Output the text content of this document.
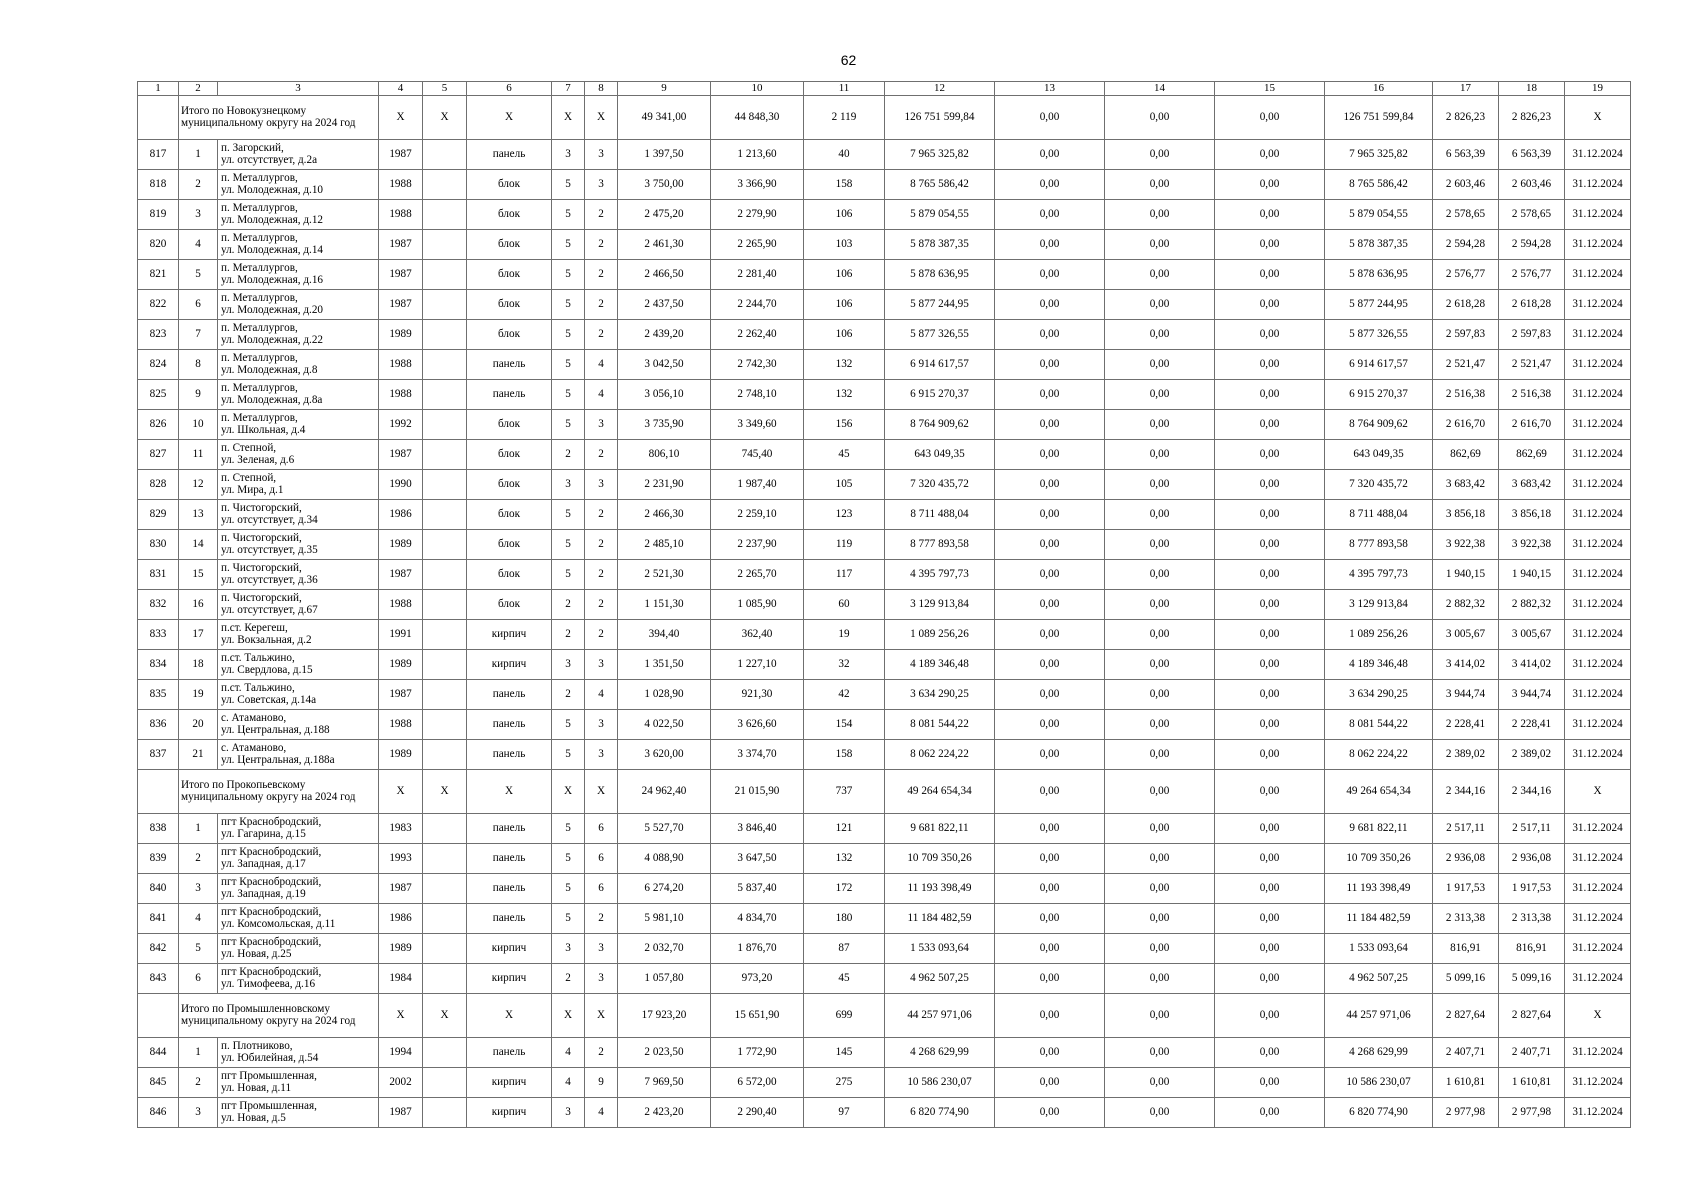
62
1	2	3	4	5	6	7	8	9	10	11	12	13	14	15	16	17	18	19
	Итого по Новокузнецкому муниципальному округу на 2024 год		X	X	X	X	X	49 341,00	44 848,30	2 119	126 751 599,84	0,00	0,00	0,00	126 751 599,84	2 826,23	2 826,23	X
817	1	п. Загорский,
ул. отсутствует, д.2а	1987		панель	3	3	1 397,50	1 213,60	40	7 965 325,82	0,00	0,00	0,00	7 965 325,82	6 563,39	6 563,39	31.12.2024
818	2	п. Металлургов,
ул. Молодежная, д.10	1988		блок	5	3	3 750,00	3 366,90	158	8 765 586,42	0,00	0,00	0,00	8 765 586,42	2 603,46	2 603,46	31.12.2024
819	3	п. Металлургов,
ул. Молодежная, д.12	1988		блок	5	2	2 475,20	2 279,90	106	5 879 054,55	0,00	0,00	0,00	5 879 054,55	2 578,65	2 578,65	31.12.2024
820	4	п. Металлургов,
ул. Молодежная, д.14	1987		блок	5	2	2 461,30	2 265,90	103	5 878 387,35	0,00	0,00	0,00	5 878 387,35	2 594,28	2 594,28	31.12.2024
821	5	п. Металлургов,
ул. Молодежная, д.16	1987		блок	5	2	2 466,50	2 281,40	106	5 878 636,95	0,00	0,00	0,00	5 878 636,95	2 576,77	2 576,77	31.12.2024
822	6	п. Металлургов,
ул. Молодежная, д.20	1987		блок	5	2	2 437,50	2 244,70	106	5 877 244,95	0,00	0,00	0,00	5 877 244,95	2 618,28	2 618,28	31.12.2024
823	7	п. Металлургов,
ул. Молодежная, д.22	1989		блок	5	2	2 439,20	2 262,40	106	5 877 326,55	0,00	0,00	0,00	5 877 326,55	2 597,83	2 597,83	31.12.2024
824	8	п. Металлургов,
ул. Молодежная, д.8	1988		панель	5	4	3 042,50	2 742,30	132	6 914 617,57	0,00	0,00	0,00	6 914 617,57	2 521,47	2 521,47	31.12.2024
825	9	п. Металлургов,
ул. Молодежная, д.8а	1988		панель	5	4	3 056,10	2 748,10	132	6 915 270,37	0,00	0,00	0,00	6 915 270,37	2 516,38	2 516,38	31.12.2024
826	10	п. Металлургов,
ул. Школьная, д.4	1992		блок	5	3	3 735,90	3 349,60	156	8 764 909,62	0,00	0,00	0,00	8 764 909,62	2 616,70	2 616,70	31.12.2024
827	11	п. Степной,
ул. Зеленая, д.6	1987		блок	2	2	806,10	745,40	45	643 049,35	0,00	0,00	0,00	643 049,35	862,69	862,69	31.12.2024
828	12	п. Степной,
ул. Мира, д.1	1990		блок	3	3	2 231,90	1 987,40	105	7 320 435,72	0,00	0,00	0,00	7 320 435,72	3 683,42	3 683,42	31.12.2024
829	13	п. Чистогорский,
ул. отсутствует, д.34	1986		блок	5	2	2 466,30	2 259,10	123	8 711 488,04	0,00	0,00	0,00	8 711 488,04	3 856,18	3 856,18	31.12.2024
830	14	п. Чистогорский,
ул. отсутствует, д.35	1989		блок	5	2	2 485,10	2 237,90	119	8 777 893,58	0,00	0,00	0,00	8 777 893,58	3 922,38	3 922,38	31.12.2024
831	15	п. Чистогорский,
ул. отсутствует, д.36	1987		блок	5	2	2 521,30	2 265,70	117	4 395 797,73	0,00	0,00	0,00	4 395 797,73	1 940,15	1 940,15	31.12.2024
832	16	п. Чистогорский,
ул. отсутствует, д.67	1988		блок	2	2	1 151,30	1 085,90	60	3 129 913,84	0,00	0,00	0,00	3 129 913,84	2 882,32	2 882,32	31.12.2024
833	17	п.ст. Керегеш,
ул. Вокзальная, д.2	1991		кирпич	2	2	394,40	362,40	19	1 089 256,26	0,00	0,00	0,00	1 089 256,26	3 005,67	3 005,67	31.12.2024
834	18	п.ст. Тальжино,
ул. Свердлова, д.15	1989		кирпич	3	3	1 351,50	1 227,10	32	4 189 346,48	0,00	0,00	0,00	4 189 346,48	3 414,02	3 414,02	31.12.2024
835	19	п.ст. Тальжино,
ул. Советская, д.14а	1987		панель	2	4	1 028,90	921,30	42	3 634 290,25	0,00	0,00	0,00	3 634 290,25	3 944,74	3 944,74	31.12.2024
836	20	с. Атаманово,
ул. Центральная, д.188	1988		панель	5	3	4 022,50	3 626,60	154	8 081 544,22	0,00	0,00	0,00	8 081 544,22	2 228,41	2 228,41	31.12.2024
837	21	с. Атаманово,
ул. Центральная, д.188а	1989		панель	5	3	3 620,00	3 374,70	158	8 062 224,22	0,00	0,00	0,00	8 062 224,22	2 389,02	2 389,02	31.12.2024
	Итого по Прокопьевскому муниципальному округу на 2024 год		X	X	X	X	X	24 962,40	21 015,90	737	49 264 654,34	0,00	0,00	0,00	49 264 654,34	2 344,16	2 344,16	X
838	1	пгт Краснобродский,
ул. Гагарина, д.15	1983		панель	5	6	5 527,70	3 846,40	121	9 681 822,11	0,00	0,00	0,00	9 681 822,11	2 517,11	2 517,11	31.12.2024
839	2	пгт Краснобродский,
ул. Западная, д.17	1993		панель	5	6	4 088,90	3 647,50	132	10 709 350,26	0,00	0,00	0,00	10 709 350,26	2 936,08	2 936,08	31.12.2024
840	3	пгт Краснобродский,
ул. Западная, д.19	1987		панель	5	6	6 274,20	5 837,40	172	11 193 398,49	0,00	0,00	0,00	11 193 398,49	1 917,53	1 917,53	31.12.2024
841	4	пгт Краснобродский,
ул. Комсомольская, д.11	1986		панель	5	2	5 981,10	4 834,70	180	11 184 482,59	0,00	0,00	0,00	11 184 482,59	2 313,38	2 313,38	31.12.2024
842	5	пгт Краснобродский,
ул. Новая, д.25	1989		кирпич	3	3	2 032,70	1 876,70	87	1 533 093,64	0,00	0,00	0,00	1 533 093,64	816,91	816,91	31.12.2024
843	6	пгт Краснобродский,
ул. Тимофеева, д.16	1984		кирпич	2	3	1 057,80	973,20	45	4 962 507,25	0,00	0,00	0,00	4 962 507,25	5 099,16	5 099,16	31.12.2024
	Итого по Промышленновскому муниципальному округу на 2024 год		X	X	X	X	X	17 923,20	15 651,90	699	44 257 971,06	0,00	0,00	0,00	44 257 971,06	2 827,64	2 827,64	X
844	1	п. Плотниково,
ул. Юбилейная, д.54	1994		панель	4	2	2 023,50	1 772,90	145	4 268 629,99	0,00	0,00	0,00	4 268 629,99	2 407,71	2 407,71	31.12.2024
845	2	пгт Промышленная,
ул. Новая, д.11	2002		кирпич	4	9	7 969,50	6 572,00	275	10 586 230,07	0,00	0,00	0,00	10 586 230,07	1 610,81	1 610,81	31.12.2024
846	3	пгт Промышленная,
ул. Новая, д.5	1987		кирпич	3	4	2 423,20	2 290,40	97	6 820 774,90	0,00	0,00	0,00	6 820 774,90	2 977,98	2 977,98	31.12.2024
